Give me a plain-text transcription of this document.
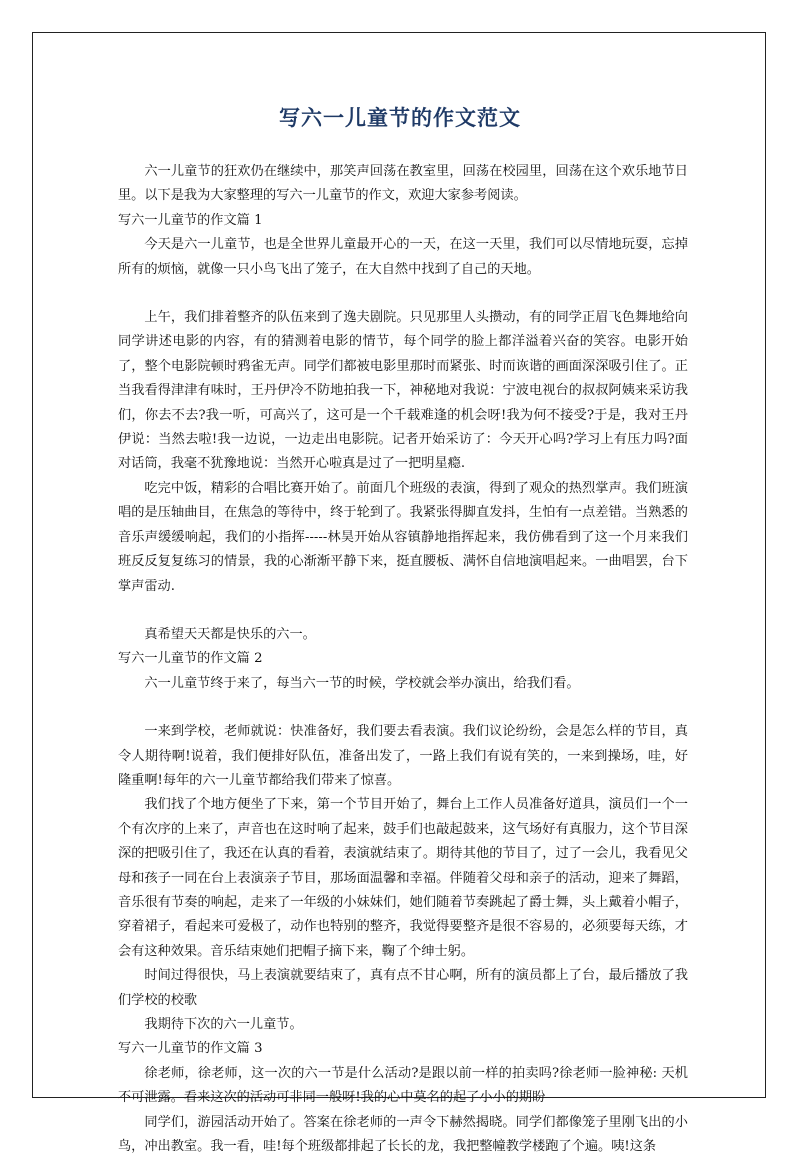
写六一儿童节的作文范文

六一儿童节的狂欢仍在继续中，那笑声回荡在教室里，回荡在校园里，回荡在这个欢乐地节日里。以下是我为大家整理的写六一儿童节的作文，欢迎大家参考阅读。

写六一儿童节的作文篇 1

今天是六一儿童节，也是全世界儿童最开心的一天，在这一天里，我们可以尽情地玩耍，忘掉所有的烦恼，就像一只小鸟飞出了笼子，在大自然中找到了自己的天地。

上午，我们排着整齐的队伍来到了逸夫剧院。只见那里人头攒动，有的同学正眉飞色舞地给向同学讲述电影的内容，有的猜测着电影的情节，每个同学的脸上都洋溢着兴奋的笑容。电影开始了，整个电影院顿时鸦雀无声。同学们都被电影里那时而紧张、时而诙谐的画面深深吸引住了。正当我看得津津有味时，王丹伊冷不防地拍我一下，神秘地对我说：宁波电视台的叔叔阿姨来采访我们，你去不去?我一听，可高兴了，这可是一个千载难逢的机会呀!我为何不接受?于是，我对王丹伊说：当然去啦!我一边说，一边走出电影院。记者开始采访了：今天开心吗?学习上有压力吗?面对话筒，我毫不犹豫地说：当然开心啦真是过了一把明星瘾.

吃完中饭，精彩的合唱比赛开始了。前面几个班级的表演，得到了观众的热烈掌声。我们班演唱的是压轴曲目，在焦急的等待中，终于轮到了。我紧张得脚直发抖，生怕有一点差错。当熟悉的音乐声缓缓响起，我们的小指挥-----林昊开始从容镇静地指挥起来，我仿佛看到了这一个月来我们班反反复复练习的情景，我的心渐渐平静下来，挺直腰板、满怀自信地演唱起来。一曲唱罢，台下掌声雷动.

真希望天天都是快乐的六一。

写六一儿童节的作文篇 2

六一儿童节终于来了，每当六一节的时候，学校就会举办演出，给我们看。

一来到学校，老师就说：快准备好，我们要去看表演。我们议论纷纷，会是怎么样的节目，真令人期待啊!说着，我们便排好队伍，准备出发了，一路上我们有说有笑的，一来到操场，哇，好隆重啊!每年的六一儿童节都给我们带来了惊喜。

我们找了个地方便坐了下来，第一个节目开始了，舞台上工作人员准备好道具，演员们一个一个有次序的上来了，声音也在这时响了起来，鼓手们也敲起鼓来，这气场好有真服力，这个节目深深的把吸引住了，我还在认真的看着，表演就结束了。期待其他的节目了，过了一会儿，我看见父母和孩子一同在台上表演亲子节目，那场面温馨和幸福。伴随着父母和亲子的活动，迎来了舞蹈，音乐很有节奏的响起，走来了一年级的小妹妹们，她们随着节奏跳起了爵士舞，头上戴着小帽子，穿着裙子，看起来可爱极了，动作也特别的整齐，我觉得要整齐是很不容易的，必须要每天练，才会有这种效果。音乐结束她们把帽子摘下来，鞠了个绅士躬。

时间过得很快，马上表演就要结束了，真有点不甘心啊，所有的演员都上了台，最后播放了我们学校的校歌

我期待下次的六一儿童节。

写六一儿童节的作文篇 3

徐老师，徐老师，这一次的六一节是什么活动?是跟以前一样的拍卖吗?徐老师一脸神秘: 天机不可泄露。看来这次的活动可非同一般呀!我的心中莫名的起了小小的期盼

同学们，游园活动开始了。答案在徐老师的一声令下赫然揭晓。同学们都像笼子里刚飞出的小鸟，冲出教室。我一看，哇!每个班级都排起了长长的龙，我把整幢教学楼跑了个遍。咦!这条
